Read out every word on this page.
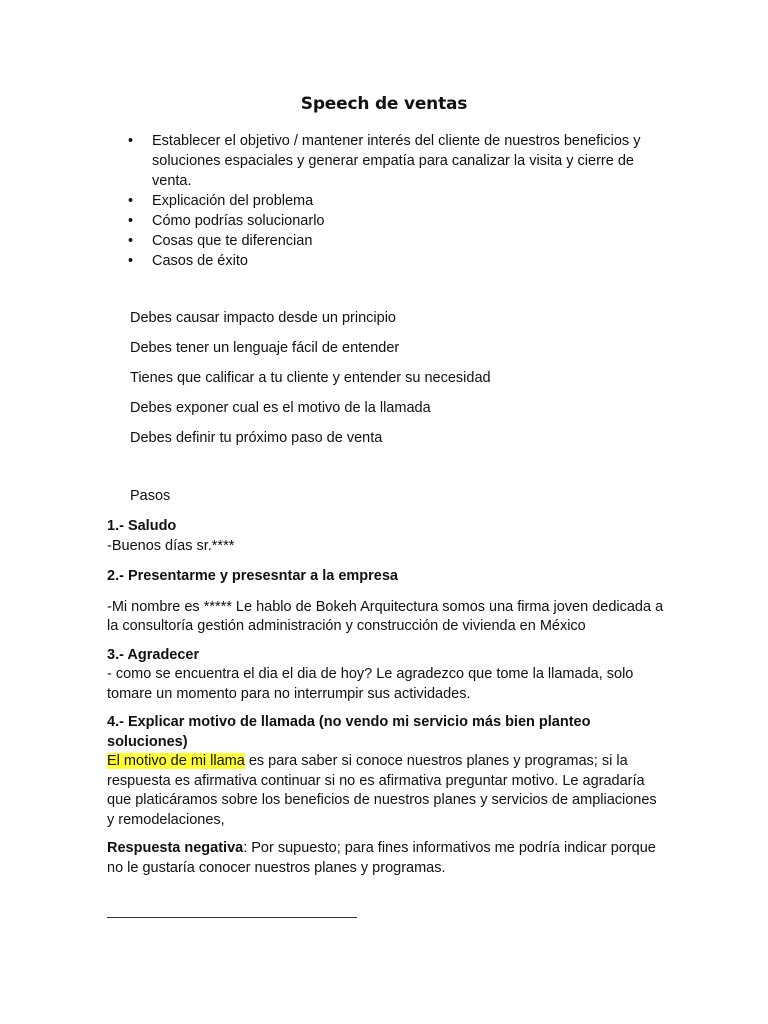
Speech de ventas
• Establecer el objetivo / mantener interés del cliente de nuestros beneficios y soluciones espaciales y generar empatía para canalizar la visita y cierre de venta.
• Explicación del problema
• Cómo podrías solucionarlo
• Cosas que te diferencian
• Casos de éxito

Debes causar impacto desde un principio

Debes tener un lenguaje fácil de entender

Tienes que calificar a tu cliente y entender su necesidad

Debes exponer cual es el motivo de la llamada

Debes definir tu próximo paso de venta

Pasos
1.- Saludo
-Buenos días sr.****
2.- Presentarme y presesntar a la empresa
-Mi nombre es ***** Le hablo de Bokeh Arquitectura somos una firma joven dedicada a la consultoría gestión administración y construcción de vivienda en México
3.- Agradecer
- como se encuentra el dia el dia de hoy? Le agradezco que tome la llamada, solo tomare un momento para no interrumpir sus actividades.
4.- Explicar motivo de llamada (no vendo mi servicio más bien planteo soluciones)
El motivo de mi llama es para saber si conoce nuestros planes y programas; si la respuesta es afirmativa continuar si no es afirmativa preguntar motivo. Le agradaría que platicáramos sobre los beneficios de nuestros planes y servicios de ampliaciones y remodelaciones,
Respuesta negativa: Por supuesto; para fines informativos me podría indicar porque no le gustaría conocer nuestros planes y programas.
